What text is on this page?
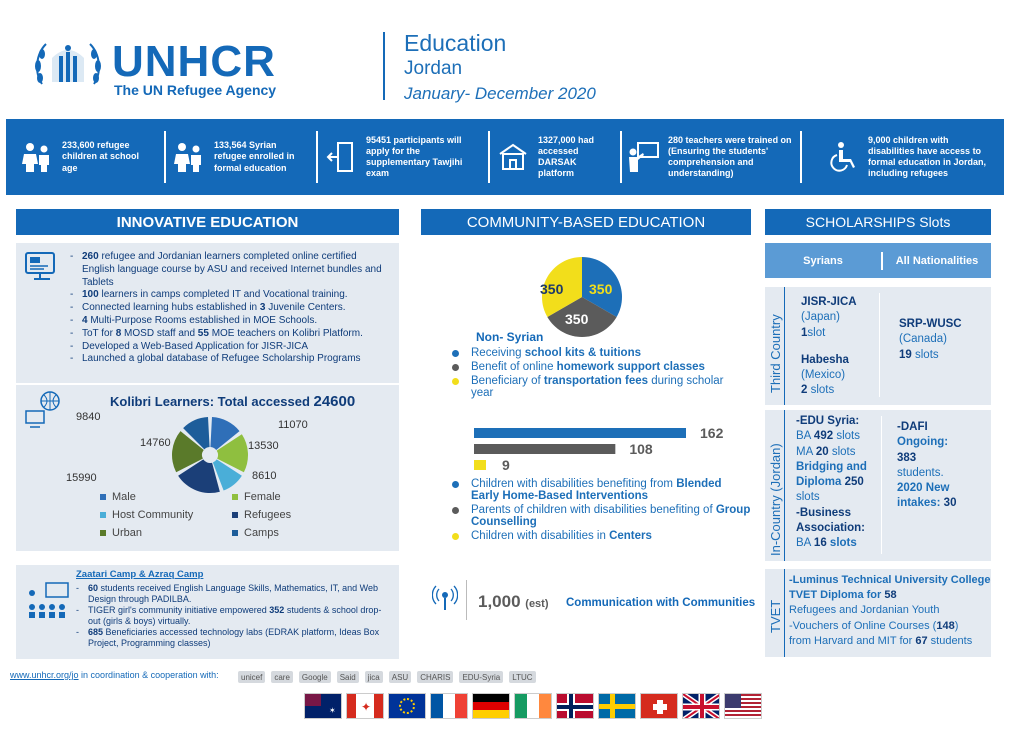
UNHCR
The UN Refugee Agency
Education
Jordan
January- December 2020
233,600 refugee children at school age
133,564 Syrian refugee enrolled in formal education
95451 participants will apply for the supplementary Tawjihi exam
1327,000 had accessed DARSAK platform
280 teachers were trained on (Ensuring the students' comprehension and understanding)
9,000 children with disabilities have access to formal education in Jordan, including refugees
INNOVATIVE EDUCATION
- 260 refugee and Jordanian learners completed online certified English language course by ASU and received Internet bundles and Tablets
- 100 learners in camps completed IT and Vocational training.
- Connected learning hubs established in 3 Juvenile Centers.
- 4 Multi-Purpose Rooms established in MOE Schools.
- ToT for 8 MOSD staff and 55 MOE teachers on Kolibri Platform.
- Developed a Web-Based Application for JISR-JICA
- Launched a global database of Refugee Scholarship Programs
Kolibri Learners: Total accessed 24600
9840
11070
14760	13530
15990	8610
Male	Female
Host Community	Refugees
Urban	Camps
Zaatari Camp & Azraq Camp
- 60 students received English Language Skills, Mathematics, IT, and Web Design through PADILBA.
- TIGER girl's community initiative empowered 352 students & school drop-out (girls & boys) virtually.
- 685 Beneficiaries accessed technology labs (EDRAK platform, Ideas Box Project, Programming classes)
COMMUNITY-BASED EDUCATION
350 350
350
Non- Syrian
Receiving school kits & tuitions
Benefit of online homework support classes
Beneficiary of transportation fees during scholar year
162
108
9
Children with disabilities benefiting from Blended Early Home-Based Interventions
Parents of children with disabilities benefiting of Group Counselling
Children with disabilities in Centers
1,000 (est) Communication with Communities
SCHOLARSHIPS Slots
Syrians	All Nationalities
Third Country
JISR-JICA
(Japan)
1slot
Habesha
(Mexico)
2 slots
SRP-WUSC
(Canada)
19 slots
In-Country (Jordan)
-EDU Syria:
BA 492 slots
MA 20 slots
Bridging and Diploma 250 slots
-Business Association:
BA 16 slots
-DAFI
Ongoing:
383
students.
2020 New intakes: 30
TVET
-Luminus Technical University College TVET Diploma for 58
Refugees and Jordanian Youth
-Vouchers of Online Courses (148)
from Harvard and MIT for 67 students
www.unhcr.org/jo in coordination & cooperation with:	unicef	care	Google	Said	jica	ASU	CHARIS	EDU-Syria	LTUC
✶ ✦
